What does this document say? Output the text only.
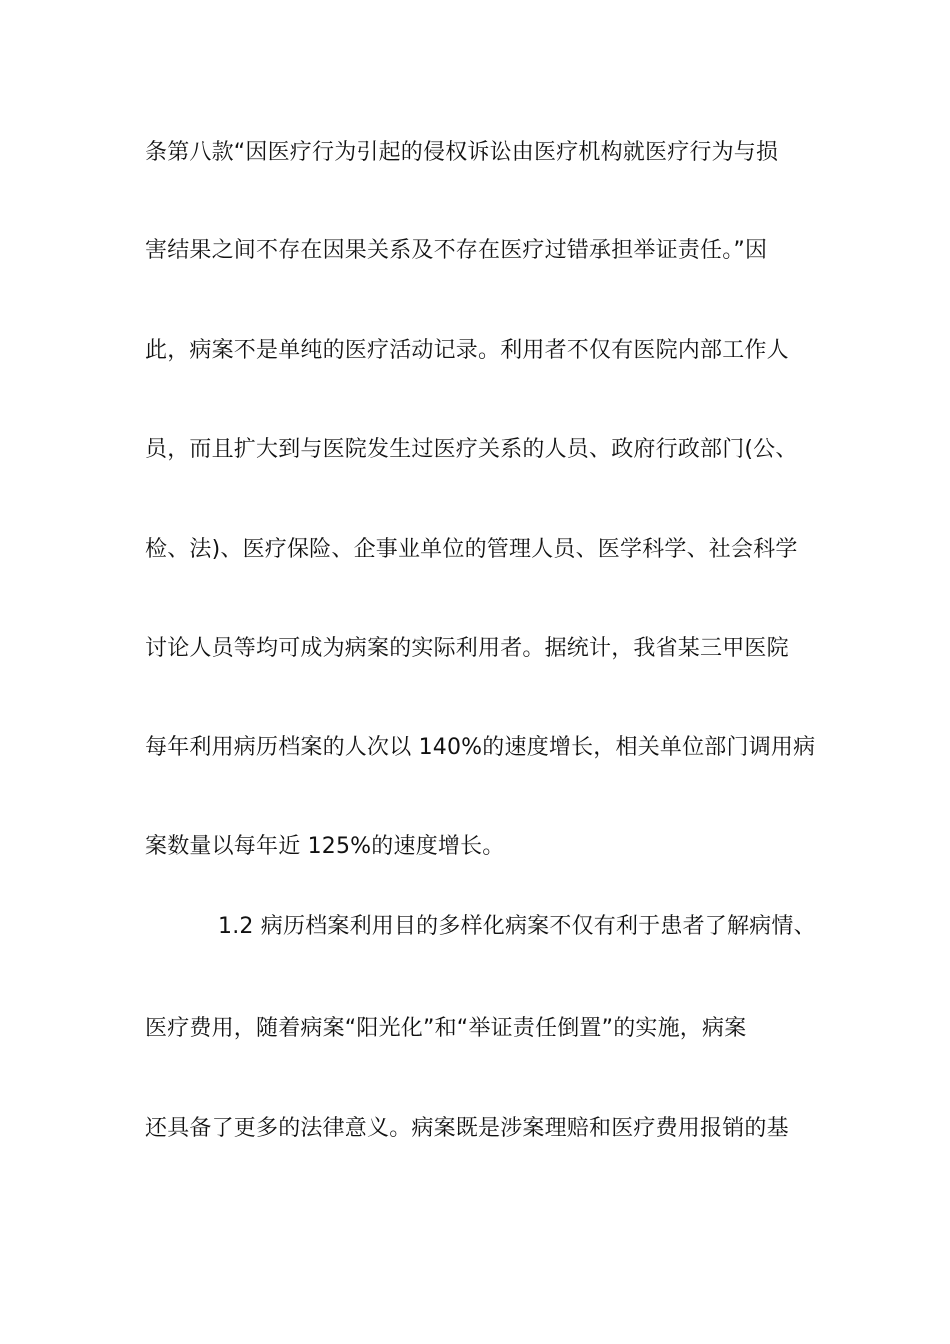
条第八款“因医疗行为引起的侵权诉讼由医疗机构就医疗行为与损
害结果之间不存在因果关系及不存在医疗过错承担举证责任。”因
此，病案不是单纯的医疗活动记录。利用者不仅有医院内部工作人
员，而且扩大到与医院发生过医疗关系的人员、政府行政部门(公、
检、法)、医疗保险、企事业单位的管理人员、医学科学、社会科学
讨论人员等均可成为病案的实际利用者。据统计，我省某三甲医院
每年利用病历档案的人次以 140%的速度增长，相关单位部门调用病
案数量以每年近 125%的速度增长。
1.2 病历档案利用目的多样化病案不仅有利于患者了解病情、
医疗费用，随着病案“阳光化”和“举证责任倒置”的实施，病案
还具备了更多的法律意义。病案既是涉案理赔和医疗费用报销的基
